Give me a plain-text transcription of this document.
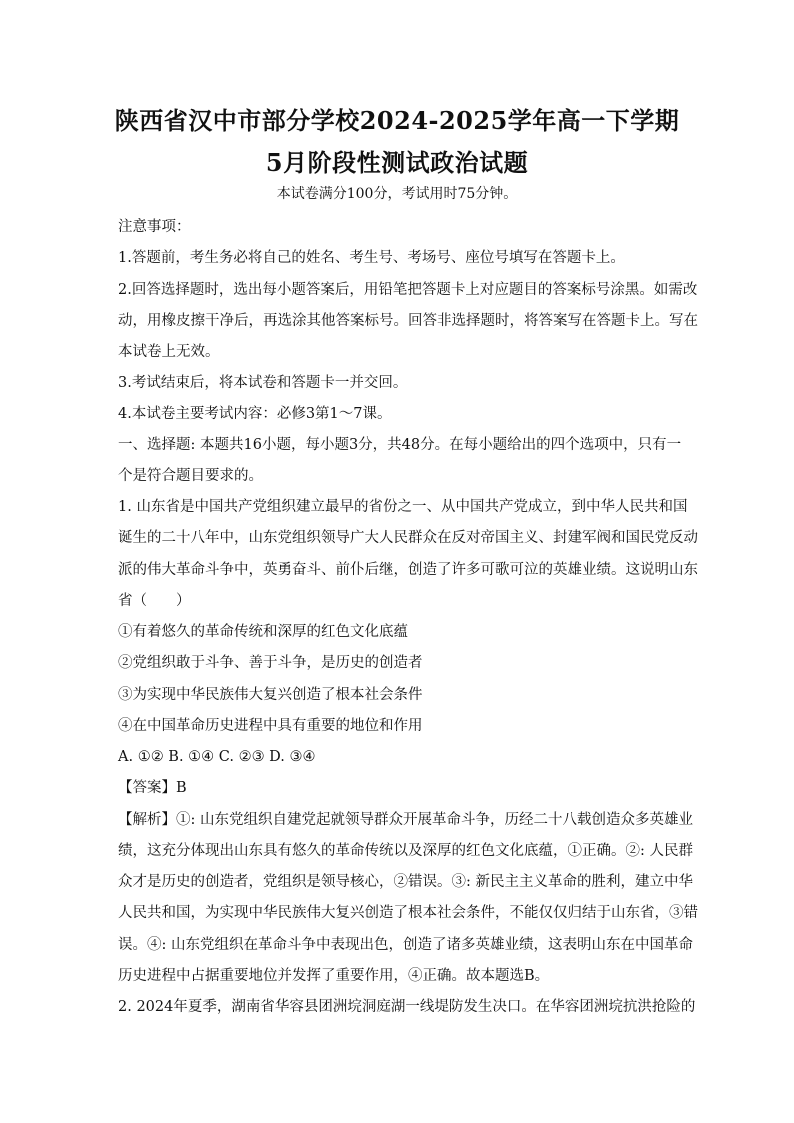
陕西省汉中市部分学校2024-2025学年高一下学期
5月阶段性测试政治试题
本试卷满分100分，考试用时75分钟。
注意事项：
1.答题前，考生务必将自己的姓名、考生号、考场号、座位号填写在答题卡上。
2.回答选择题时，选出每小题答案后，用铅笔把答题卡上对应题目的答案标号涂黑。如需改
动，用橡皮擦干净后，再选涂其他答案标号。回答非选择题时，将答案写在答题卡上。写在
本试卷上无效。
3.考试结束后，将本试卷和答题卡一并交回。
4.本试卷主要考试内容：必修3第1～7课。
一、选择题: 本题共16小题，每小题3分，共48分。在每小题给出的四个选项中，只有一
个是符合题目要求的。
1. 山东省是中国共产党组织建立最早的省份之一、从中国共产党成立，到中华人民共和国
诞生的二十八年中，山东党组织领导广大人民群众在反对帝国主义、封建军阀和国民党反动
派的伟大革命斗争中，英勇奋斗、前仆后继，创造了许多可歌可泣的英雄业绩。这说明山东
省（　　）
①有着悠久的革命传统和深厚的红色文化底蕴
②党组织敢于斗争、善于斗争，是历史的创造者
③为实现中华民族伟大复兴创造了根本社会条件
④在中国革命历史进程中具有重要的地位和作用
A. ①② B. ①④ C. ②③ D. ③④
【答案】B
【解析】①: 山东党组织自建党起就领导群众开展革命斗争，历经二十八载创造众多英雄业
绩，这充分体现出山东具有悠久的革命传统以及深厚的红色文化底蕴，①正确。②: 人民群
众才是历史的创造者，党组织是领导核心，②错误。③: 新民主主义革命的胜利，建立中华
人民共和国，为实现中华民族伟大复兴创造了根本社会条件，不能仅仅归结于山东省，③错
误。④: 山东党组织在革命斗争中表现出色，创造了诸多英雄业绩，这表明山东在中国革命
历史进程中占据重要地位并发挥了重要作用，④正确。故本题选B。
2. 2024年夏季，湖南省华容县团洲垸洞庭湖一线堤防发生决口。在华容团洲垸抗洪抢险的
